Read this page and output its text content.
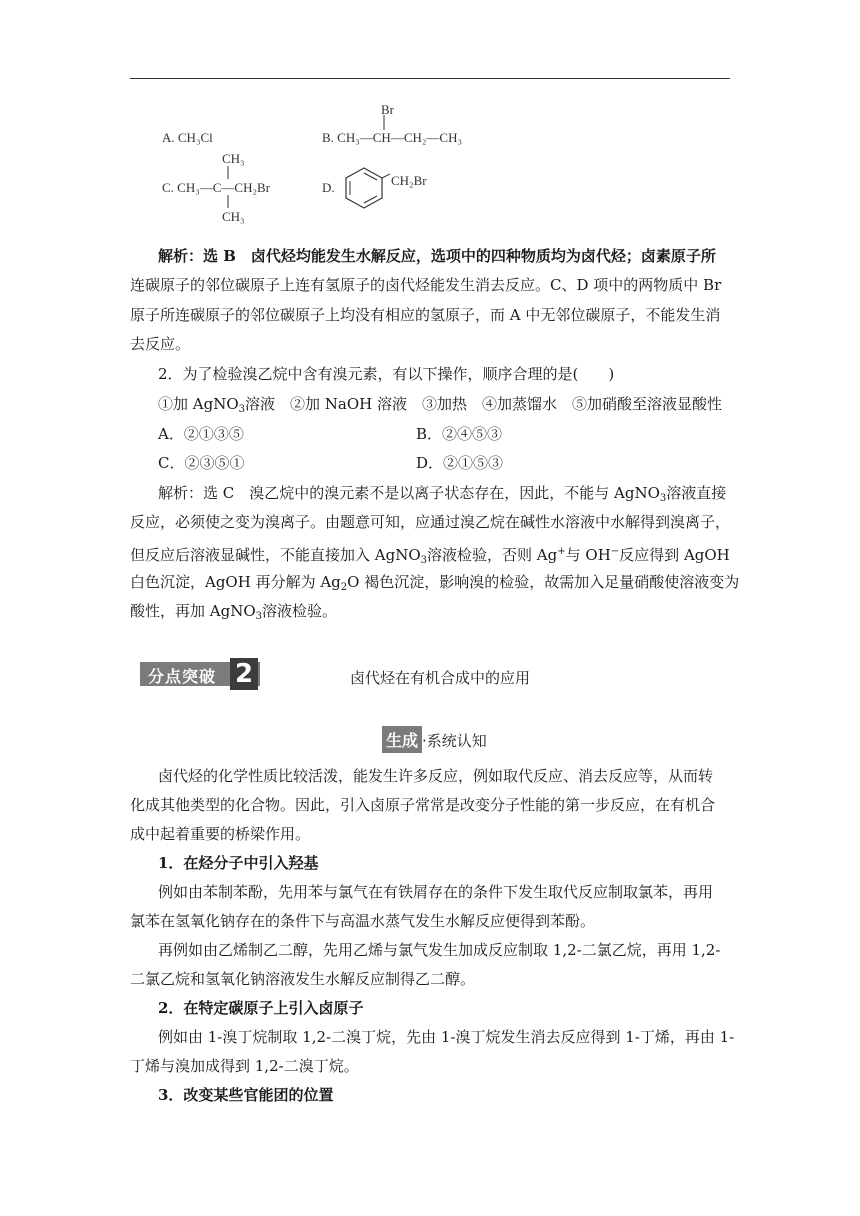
A. CH₃Cl
Br
B. CH₃—CH—CH₂—CH₃
CH₃
C. CH₃—C—CH₂Br
CH₃
D.	CH₂Br
解析：选 B　卤代烃均能发生水解反应，选项中的四种物质均为卤代烃；卤素原子所
连碳原子的邻位碳原子上连有氢原子的卤代烃能发生消去反应。C、D 项中的两物质中 Br
原子所连碳原子的邻位碳原子上均没有相应的氢原子，而 A 中无邻位碳原子，不能发生消
去反应。
2．为了检验溴乙烷中含有溴元素，有以下操作，顺序合理的是(　　)
①加 AgNO$_3$溶液　②加 NaOH 溶液　③加热　④加蒸馏水　⑤加硝酸至溶液显酸性
A．②①③⑤	B．②④⑤③
C．②③⑤①	D．②①⑤③
解析：选 C　溴乙烷中的溴元素不是以离子状态存在，因此，不能与 AgNO$_3$溶液直接
反应，必须使之变为溴离子。由题意可知，应通过溴乙烷在碱性水溶液中水解得到溴离子，
但反应后溶液显碱性，不能直接加入 AgNO$_3$溶液检验，否则 Ag+与 OH−反应得到 AgOH
白色沉淀，AgOH 再分解为 $Ag_2O$ 褐色沉淀，影响溴的检验，故需加入足量硝酸使溶液变为
酸性，再加 AgNO$_3$溶液检验。
分点突破 2	卤代烃在有机合成中的应用
生成 ·系统认知
卤代烃的化学性质比较活泼，能发生许多反应，例如取代反应、消去反应等，从而转
化成其他类型的化合物。因此，引入卤原子常常是改变分子性能的第一步反应，在有机合
成中起着重要的桥梁作用。
1．在烃分子中引入羟基
例如由苯制苯酚，先用苯与氯气在有铁屑存在的条件下发生取代反应制取氯苯，再用
氯苯在氢氧化钠存在的条件下与高温水蒸气发生水解反应便得到苯酚。
再例如由乙烯制乙二醇，先用乙烯与氯气发生加成反应制取 1,2-二氯乙烷，再用 1,2-
二氯乙烷和氢氧化钠溶液发生水解反应制得乙二醇。
2．在特定碳原子上引入卤原子
例如由 1-溴丁烷制取 1,2-二溴丁烷，先由 1-溴丁烷发生消去反应得到 1-丁烯，再由 1-
丁烯与溴加成得到 1,2-二溴丁烷。
3．改变某些官能团的位置
